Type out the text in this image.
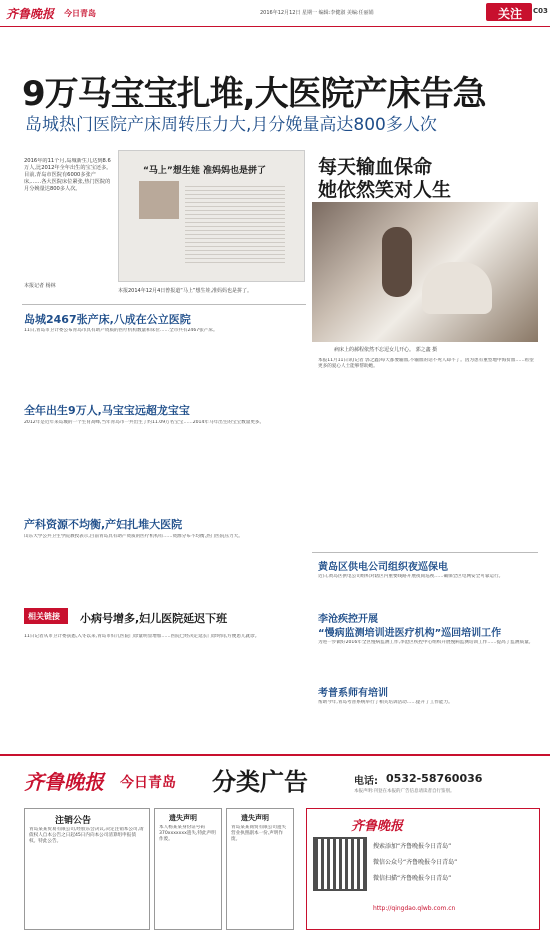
齐鲁晚报 今日青岛	2016年12月12日 星期一 编辑:李健淑 美编:任丽娟	关注 C03
9万马宝宝扎堆,大医院产床告急
岛城热门医院产床周转压力大,月分娩量高达800多人次
2016年的11个月,岛城新生儿达到8.6万人,比2012年全年出生的宝宝还多。目前,青岛市医院有6000多张产床,……各大医院床位紧张,热门医院的月分娩量达800多人次。
本报记者 杨林
“马上”想生娃 准妈妈也是拼了
本报2014年12月4日曾报道“马上”想生娃,准妈妈也是拼了。
每天输血保命
她依然笑对人生
病床上的郝程依然不忘逗女儿开心。 郭之鑫 摄
本报11月11日讯(记者 郭之鑫)每天都要输血,不输血的话不死人却不了。因为患有重型地中海贫血……希望更多的爱心人士能够帮助她。
岛城2467张产床,八成在公立医院
11日,青岛市卫计委公布青岛市具有助产资质的医疗机构数量和床位……全市共有2467张产床。
全年出生9万人,马宝宝远超龙宝宝
2012年是近年来岛城的一个生育高峰,当年青岛市一共出生了约11.09万名宝宝……2014年马年出生的宝宝数量更多。
产科资源不均衡,产妇扎堆大医院
山东大学公共卫生学院教授表示,目前青岛具有助产资质的医疗机构有……资源分布不均衡,热门医院压力大。
相关链接 小病号增多,妇儿医院延迟下班
11日记者从市卫计委获悉,入冬以来,青岛市妇儿医院门诊量明显增加……医院已经决定延长门诊时间,方便患儿就诊。
黄岛区供电公司组织夜巡保电
近日,黄岛区供电公司组织对辖区内重要线路开展夜间巡视……确保全区电网安全可靠运行。
李沧疾控开展
“慢病监测培训进医疗机构”巡回培训工作
为进一步做好2016年全区慢病监测工作,李沧区疾控中心组织开展慢病监测培训工作……提高了监测质量。
考普系师有培训
帮助今年,青岛考普系统举行了相关培训活动……提升了工作能力。
齐鲁晚报 今日青岛 分类广告	电话: 0532-58760036
本报声明:刊登在本报的广告信息请读者自行鉴别。
注销公告
青岛某某贸易有限公司,经股东会决议,决定注销本公司,请债权人自本公告之日起45日内向本公司清算组申报债权。特此公告。
遗失声明
本人杨某某身份证号码370xxxxxxx遗失,特此声明作废。
遗失声明
青岛某某商贸有限公司遗失营业执照副本一份,声明作废。
齐鲁晚报
搜索添加“齐鲁晚报今日青岛”
微信公众号“齐鲁晚报今日青岛”
微信扫描“齐鲁晚报今日青岛”
http://qingdao.qlwb.com.cn
